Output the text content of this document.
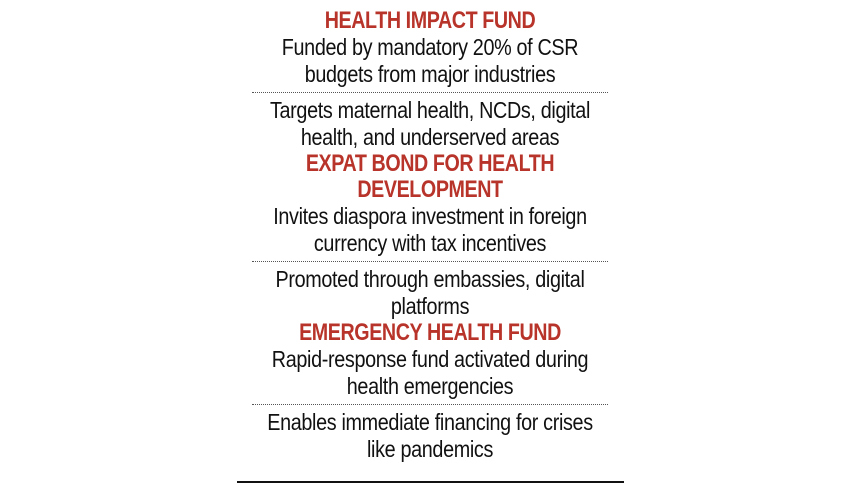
HEALTH IMPACT FUND
Funded by mandatory 20% of CSR
budgets from major industries
Targets maternal health, NCDs, digital
health, and underserved areas
EXPAT BOND FOR HEALTH
DEVELOPMENT
Invites diaspora investment in foreign
currency with tax incentives
Promoted through embassies, digital
platforms
EMERGENCY HEALTH FUND
Rapid-response fund activated during
health emergencies
Enables immediate financing for crises
like pandemics
